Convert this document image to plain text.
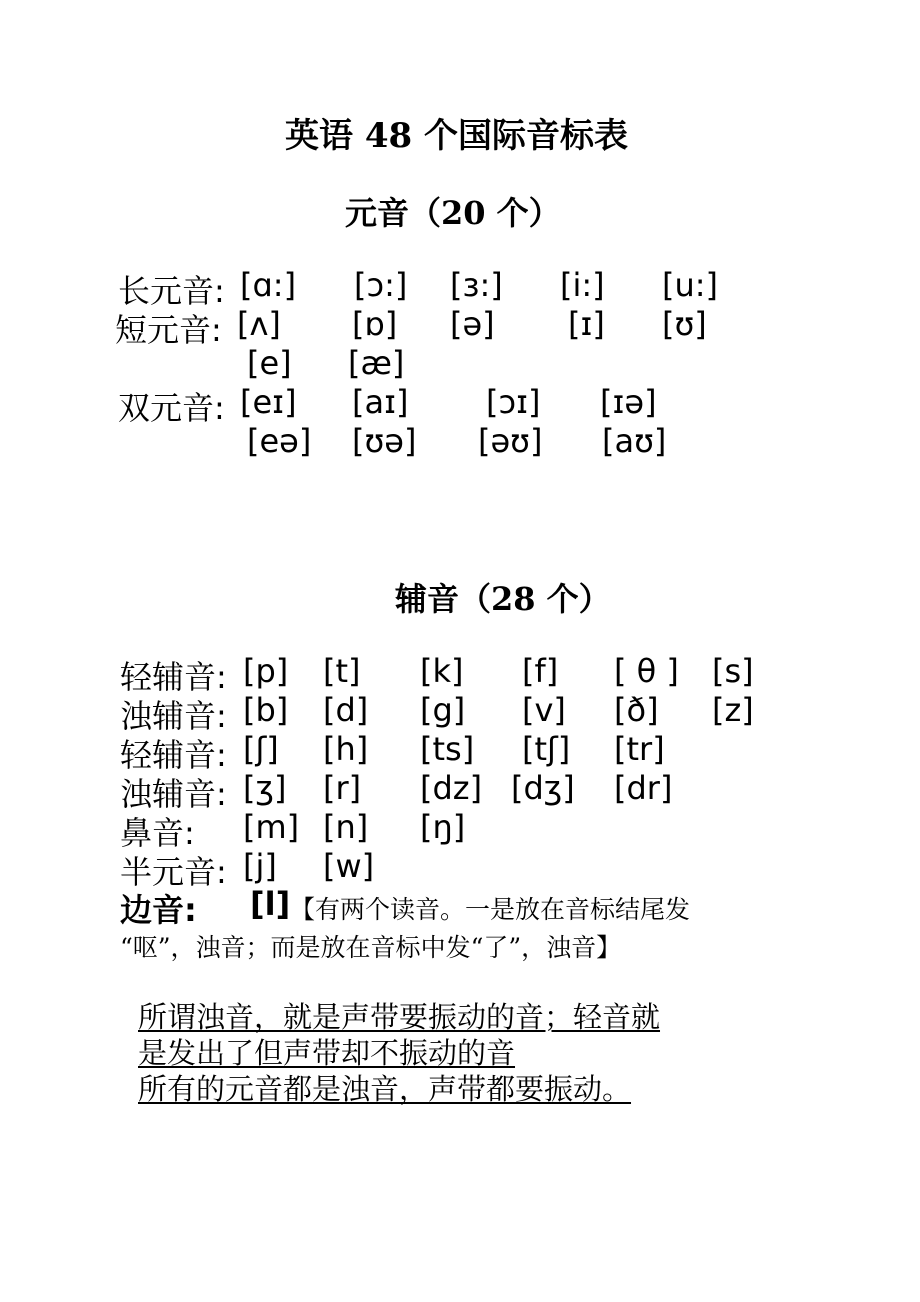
英语 48 个国际音标表
元音（20 个）
长元音: [ɑ:] [ɔ:] [ɜ:] [i:] [u:]
短元音: [ʌ] [ɒ] [ə] [ɪ] [ʊ]
[e] [æ]
双元音: [eɪ] [aɪ] [ɔɪ] [ɪə]
[eə] [ʊə] [əʊ] [aʊ]
辅音（28 个）
轻辅音: [p] [t] [k] [f] [ θ ] [s]
浊辅音: [b] [d] [g] [v] [ð] [z]
轻辅音: [ʃ] [h] [ts] [tʃ] [tr]
浊辅音: [ʒ] [r] [dz] [dʒ] [dr]
鼻音: [m] [n] [ŋ]
半元音: [j] [w]
边音: [l] 【有两个读音。一是放在音标结尾发
“呕”，浊音；而是放在音标中发“了”，浊音】
所谓浊音，就是声带要振动的音；轻音就
是发出了但声带却不振动的音
所有的元音都是浊音，声带都要振动。
